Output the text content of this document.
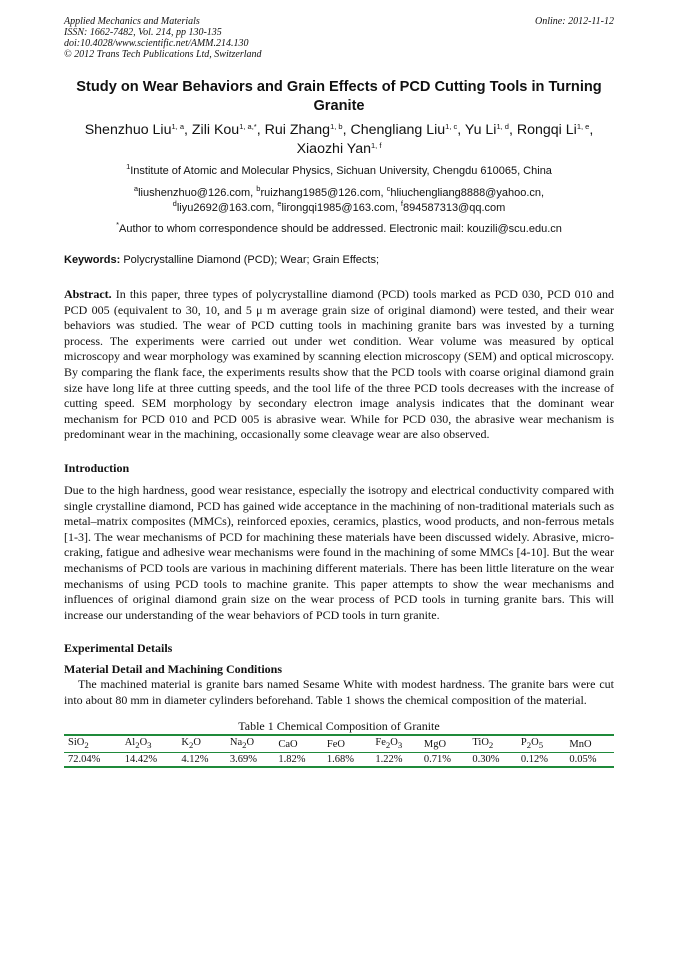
Applied Mechanics and Materials
ISSN: 1662-7482, Vol. 214, pp 130-135
doi:10.4028/www.scientific.net/AMM.214.130
© 2012 Trans Tech Publications Ltd, Switzerland
Online: 2012-11-12
Study on Wear Behaviors and Grain Effects of PCD Cutting Tools in Turning Granite
Shenzhuo Liu$^{1, a}$, Zili Kou$^{1, a,*}$, Rui Zhang$^{1, b}$, Chengliang Liu$^{1, c}$, Yu Li$^{1, d}$, Rongqi Li$^{1, e}$, Xiaozhi Yan$^{1, f}$
$^1$Institute of Atomic and Molecular Physics, Sichuan University, Chengdu 610065, China
$^a$liushenzhuo@126.com, $^b$ruizhang1985@126.com, $^c$hliuchengliang8888@yahoo.cn,
$^d$liyu2692@163.com, $^e$lirongqi1985@163.com, $^f$894587313@qq.com
*Author to whom correspondence should be addressed. Electronic mail: kouzili@scu.edu.cn
Keywords: Polycrystalline Diamond (PCD); Wear; Grain Effects;
Abstract. In this paper, three types of polycrystalline diamond (PCD) tools marked as PCD 030, PCD 010 and PCD 005 (equivalent to 30, 10, and 5 μ m average grain size of original diamond) were tested, and their wear behaviors was studied. The wear of PCD cutting tools in machining granite bars was invested by a turning process. The experiments were carried out under wet condition. Wear volume was measured by optical microscopy and wear morphology was examined by scanning election microscopy (SEM) and optical microscopy. By comparing the flank face, the experiments results show that the PCD tools with coarse original diamond grain size have long life at three cutting speeds, and the tool life of the three PCD tools decreases with the increase of cutting speed. SEM morphology by secondary electron image analysis indicates that the dominant wear mechanism for PCD 010 and PCD 005 is abrasive wear. While for PCD 030, the abrasive wear mechanism is predominant wear in the machining, occasionally some cleavage wear are also observed.
Introduction
Due to the high hardness, good wear resistance, especially the isotropy and electrical conductivity compared with single crystalline diamond, PCD has gained wide acceptance in the machining of non-traditional materials such as metal–matrix composites (MMCs), reinforced epoxies, ceramics, plastics, wood products, and non-ferrous metals [1-3]. The wear mechanisms of PCD for machining these materials have been discussed widely. Abrasive, micro-craking, fatigue and adhesive wear mechanisms were found in the machining of some MMCs [4-10]. But the wear mechanisms of PCD tools are various in machining different materials. There has been little literature on the wear mechanisms of using PCD tools to machine granite. This paper attempts to show the wear mechanisms and influences of original diamond grain size on the wear process of PCD tools in turning granite bars. This will increase our understanding of the wear behaviors of PCD tools in turn granite.
Experimental Details
Material Detail and Machining Conditions
The machined material is granite bars named Sesame White with modest hardness. The granite bars were cut into about 80 mm in diameter cylinders beforehand. Table 1 shows the chemical composition of the material.
Table 1 Chemical Composition of Granite
SiO$_2$	$Al_2O_3$	$K_2O$	$Na_2O$	CaO	FeO	$Fe_2O_3$	MgO	TiO$_2$	$P_2O_5$	MnO
72.04%	14.42%	4.12%	3.69%	1.82%	1.68%	1.22%	0.71%	0.30%	0.12%	0.05%
